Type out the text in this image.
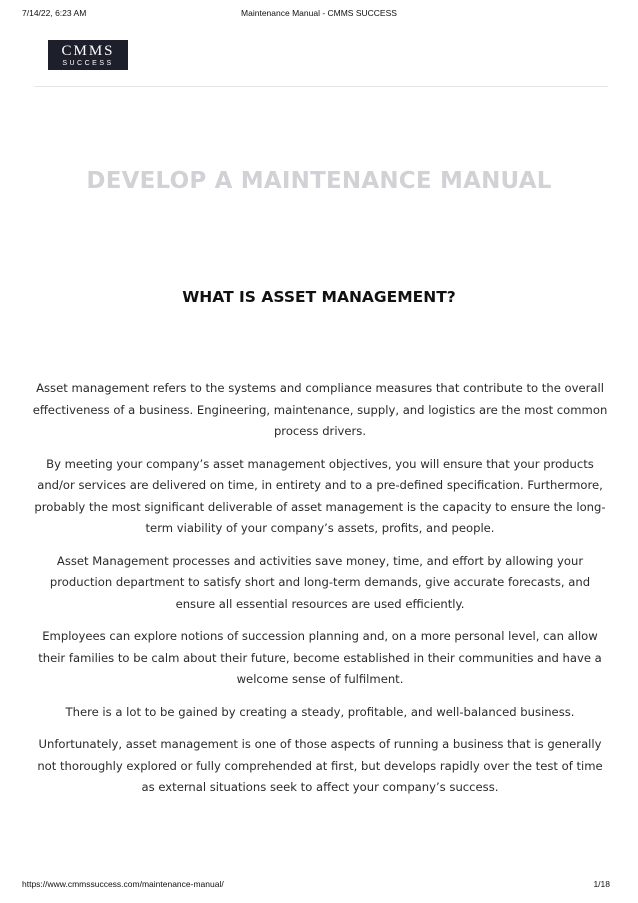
7/14/22, 6:23 AM	Maintenance Manual - CMMS SUCCESS
CMMS
SUCCESS
DEVELOP A MAINTENANCE MANUAL
WHAT IS ASSET MANAGEMENT?

Asset management refers to the systems and compliance measures that contribute to the overall effectiveness of a business. Engineering, maintenance, supply, and logistics are the most common process drivers.

By meeting your company’s asset management objectives, you will ensure that your products and/or services are delivered on time, in entirety and to a pre-defined specification. Furthermore, probably the most significant deliverable of asset management is the capacity to ensure the long-term viability of your company’s assets, profits, and people.

Asset Management processes and activities save money, time, and effort by allowing your production department to satisfy short and long-term demands, give accurate forecasts, and ensure all essential resources are used efficiently.

Employees can explore notions of succession planning and, on a more personal level, can allow their families to be calm about their future, become established in their communities and have a welcome sense of fulfilment.

There is a lot to be gained by creating a steady, profitable, and well-balanced business.

Unfortunately, asset management is one of those aspects of running a business that is generally not thoroughly explored or fully comprehended at first, but develops rapidly over the test of time as external situations seek to affect your company’s success.

https://www.cmmssuccess.com/maintenance-manual/	1/18
